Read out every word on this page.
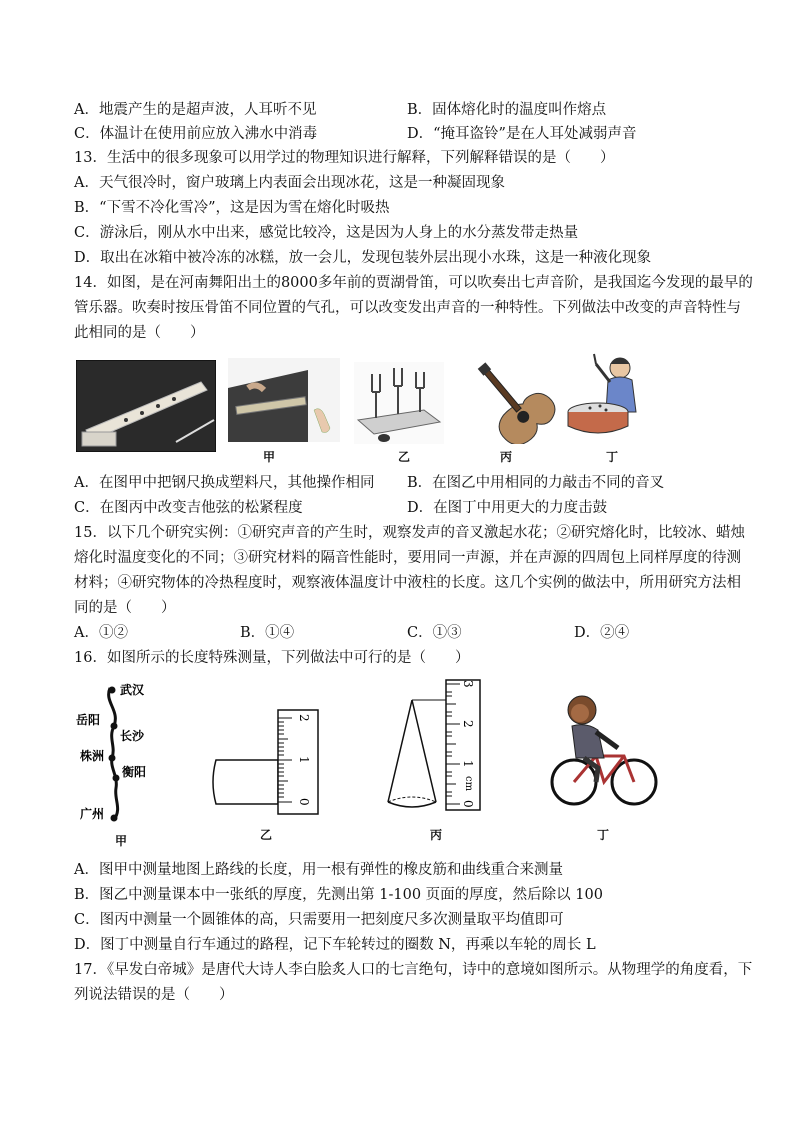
A．地震产生的是超声波，人耳听不见	B．固体熔化时的温度叫作熔点
C．体温计在使用前应放入沸水中消毒	D．“掩耳盗铃”是在人耳处减弱声音
13．生活中的很多现象可以用学过的物理知识进行解释，下列解释错误的是（　　）
A．天气很冷时，窗户玻璃上内表面会出现冰花，这是一种凝固现象
B．“下雪不冷化雪冷”，这是因为雪在熔化时吸热
C．游泳后，刚从水中出来，感觉比较冷，这是因为人身上的水分蒸发带走热量
D．取出在冰箱中被冷冻的冰糕，放一会儿，发现包装外层出现小水珠，这是一种液化现象
14．如图，是在河南舞阳出土的8000多年前的贾湖骨笛，可以吹奏出七声音阶，是我国迄今发现的最早的
管乐器。吹奏时按压骨笛不同位置的气孔，可以改变发出声音的一种特性。下列做法中改变的声音特性与
此相同的是（　　）
甲	乙	丙	丁
A．在图甲中把钢尺换成塑料尺，其他操作相同 B．在图乙中用相同的力敲击不同的音叉
C．在图丙中改变吉他弦的松紧程度	D．在图丁中用更大的力度击鼓
15．以下几个研究实例：①研究声音的产生时，观察发声的音叉激起水花；②研究熔化时，比较冰、蜡烛
熔化时温度变化的不同；③研究材料的隔音性能时，要用同一声源，并在声源的四周包上同样厚度的待测
材料；④研究物体的冷热程度时，观察液体温度计中液柱的长度。这几个实例的做法中，所用研究方法相
同的是（　　）
A．①②	B．①④	C．①③	D．②④
16．如图所示的长度特殊测量，下列做法中可行的是（　　）
武汉
岳阳
长沙
株洲
衡阳
广州
甲
2
1
0
乙
3
2
1
0
cm
丙	丁
A．图甲中测量地图上路线的长度，用一根有弹性的橡皮筋和曲线重合来测量
B．图乙中测量课本中一张纸的厚度，先测出第 1-100 页面的厚度，然后除以 100
C．图丙中测量一个圆锥体的高，只需要用一把刻度尺多次测量取平均值即可
D．图丁中测量自行车通过的路程，记下车轮转过的圈数 N，再乘以车轮的周长 L
17．《早发白帝城》是唐代大诗人李白脍炙人口的七言绝句，诗中的意境如图所示。从物理学的角度看，下
列说法错误的是（　　）
